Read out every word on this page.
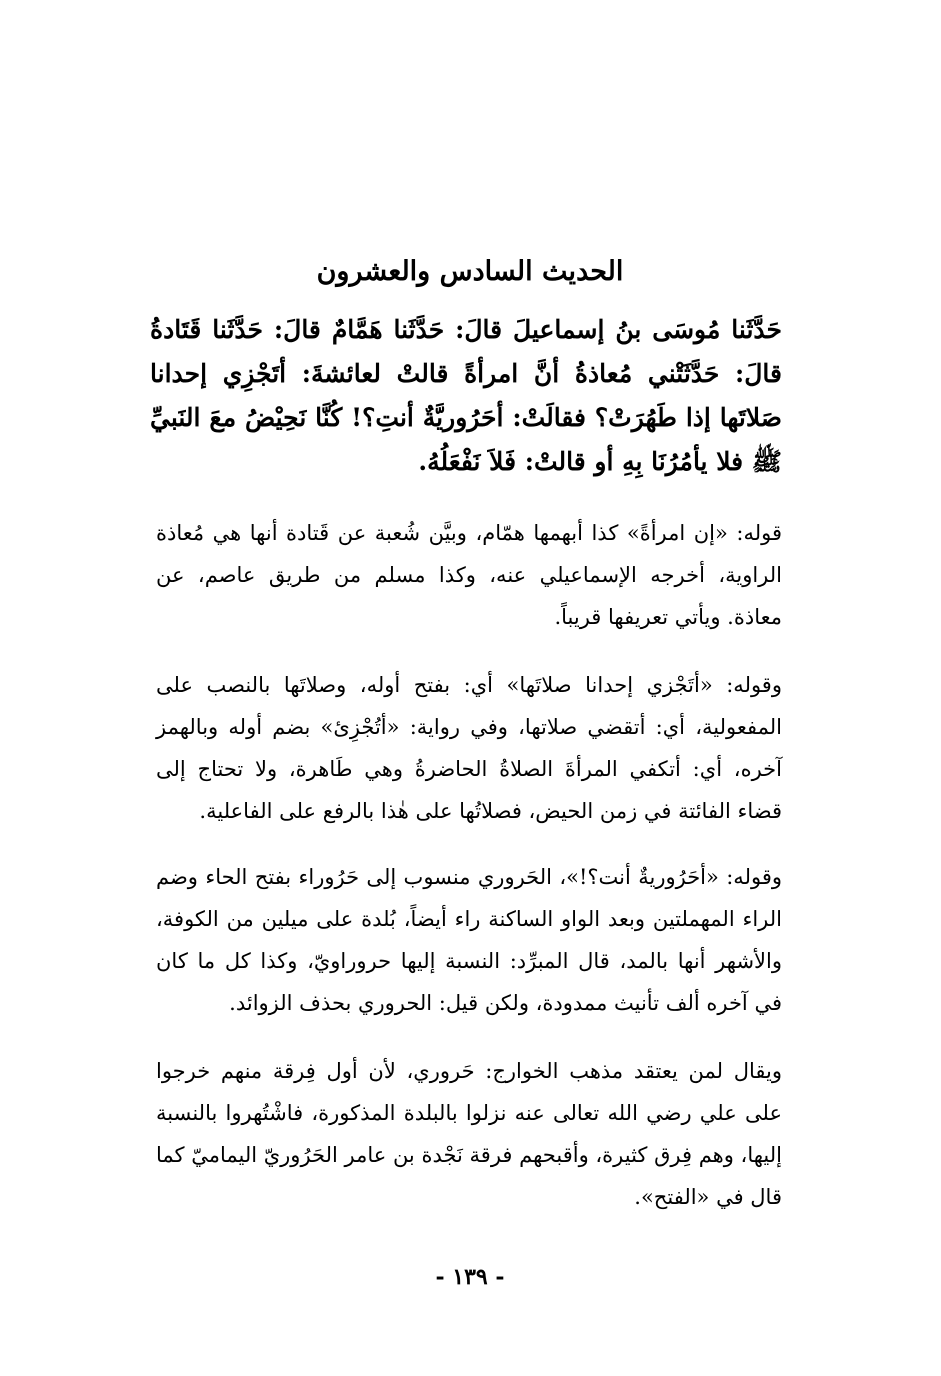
الحديث السادس والعشرون
حَدَّثَنا مُوسَى بنُ إسماعيلَ قالَ: حَدَّثَنا هَمَّامٌ قالَ: حَدَّثَنا قَتَادةُ قالَ: حَدَّثَتْني مُعاذةُ أنَّ امرأةً قالتْ لعائشةَ: أتَجْزِي إحدانا صَلاتَها إذا طَهُرَتْ؟ فقالَتْ: أحَرُوريَّةٌ أنتِ؟! كُنَّا نَحِيْضُ معَ النَبيِّ ﷺ فلا يأمُرُنَا بِهِ أو قالتْ: فَلاَ نَفْعَلُهُ.
قوله: «إن امرأةً» كذا أبهمها همّام، وبيَّن شُعبة عن قَتادة أنها هي مُعاذة الراوية، أخرجه الإسماعيلي عنه، وكذا مسلم من طريق عاصم، عن معاذة. ويأتي تعريفها قريباً.
وقوله: «أتَجْزي إحدانا صلاتَها» أي: بفتح أوله، وصلاتَها بالنصب على المفعولية، أي: أتقضي صلاتها، وفي رواية: «أتُجْزِئ» بضم أوله وبالهمز آخره، أي: أتكفي المرأةَ الصلاةُ الحاضرةُ وهي طَاهرة، ولا تحتاج إلى قضاء الفائتة في زمن الحيض، فصلاتُها على هٰذا بالرفع على الفاعلية.
وقوله: «أحَرُوريةٌ أنت؟!»، الحَروري منسوب إلى حَرُوراء بفتح الحاء وضم الراء المهملتين وبعد الواو الساكنة راء أيضاً، بُلدة على ميلين من الكوفة، والأشهر أنها بالمد، قال المبرِّد: النسبة إليها حروراويّ، وكذا كل ما كان في آخره ألف تأنيث ممدودة، ولكن قيل: الحروري بحذف الزوائد.
ويقال لمن يعتقد مذهب الخوارج: حَروري، لأن أول فِرقة منهم خرجوا على علي رضي الله تعالى عنه نزلوا بالبلدة المذكورة، فاشْتُهروا بالنسبة إليها، وهم فِرق كثيرة، وأقبحهم فرقة نَجْدة بن عامر الحَرُوريّ اليماميّ كما قال في «الفتح».
- ١٣٩ -
